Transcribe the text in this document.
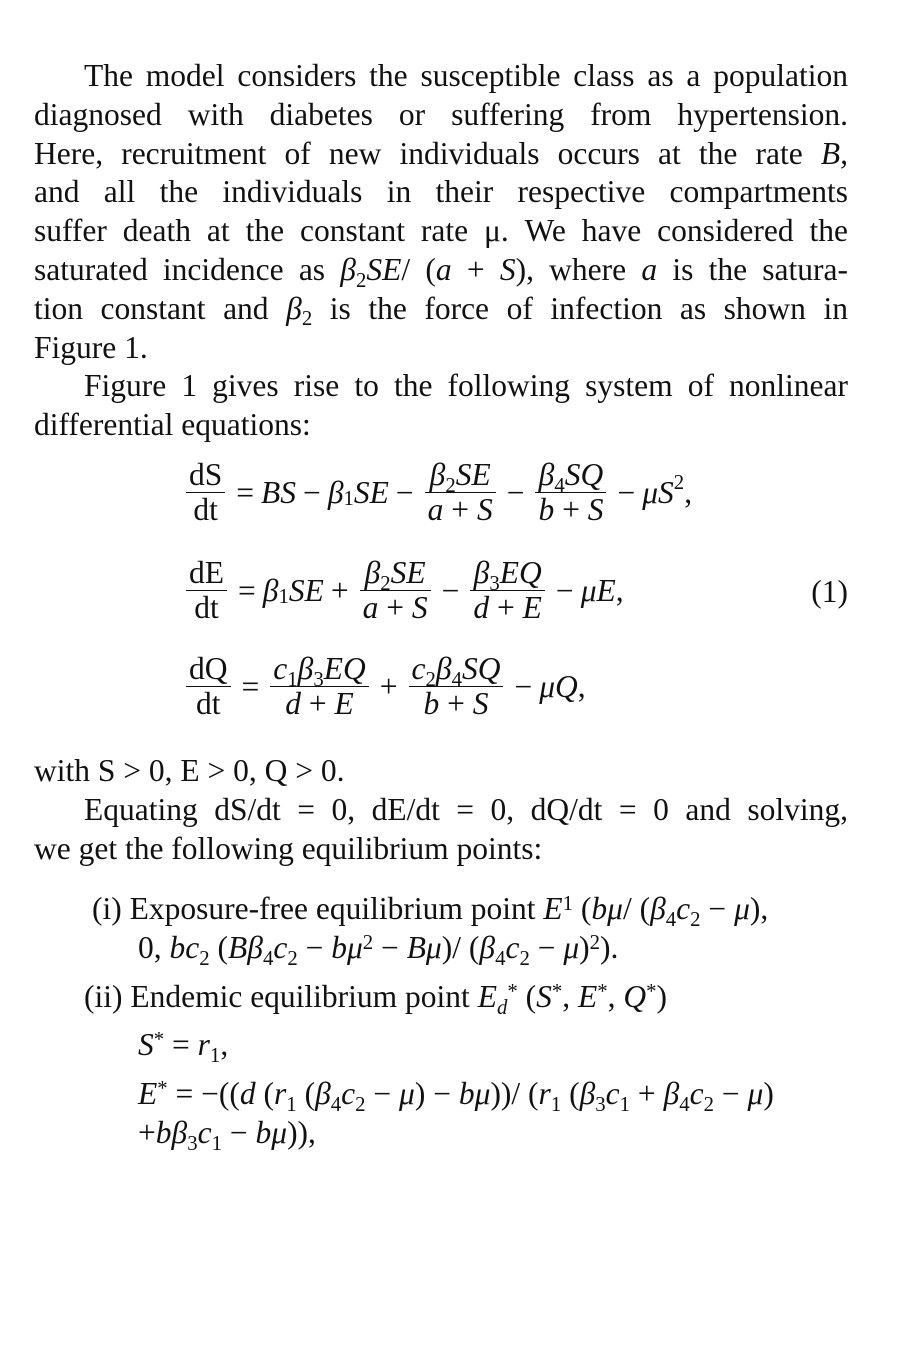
The model considers the susceptible class as a population
diagnosed with diabetes or suffering from hypertension.
Here, recruitment of new individuals occurs at the rate B,
and all the individuals in their respective compartments
suffer death at the constant rate μ. We have considered the
saturated incidence as $\beta_2SE/$ (a + S), where a is the satura-
tion constant and $\beta_2$ is the force of infection as shown in
Figure 1.
Figure 1 gives rise to the following system of nonlinear
differential equations:
$\frac{dS}{dt}$ = BS − $\beta_1$ SE − $\frac{\beta_2SE}{a + S} - \frac{\beta_4SQ}{b + S} - \mu S^2$ ,
$\frac{dE}{dt} = \beta_1$ SE + $\frac{\beta_2SE}{a + S} - \frac{\beta_3EQ}{d + E} - \mu E$ ,	(1)
$\frac{dQ}{dt} = \frac{c_1\beta_3EQ}{d + E} + \frac{c_2\beta_4SQ}{b + S} - \mu Q$ ,
with S > 0, E > 0, Q > 0.
Equating dS/dt = 0, dE/dt = 0, dQ/dt = 0 and solving,
we get the following equilibrium points:
(i) Exposure-free equilibrium point $E^1$ (bμ/ $(\beta_4c_2 - \mu)$,
0, $bc_2$ $(B\beta_4c_2 - b\mu^2 - B\mu)/$ $(\beta_4c_2 - \mu)^2$).
(ii) Endemic equilibrium point $E_d^*$ (S*, E*, Q*)
$S^* = r_1$,
E* = −((d ($r_1$ $(\beta_4c_2 - \mu) - b\mu))/$ ($r_1$ $(\beta_3c_1 + \beta_4c_2 - \mu)$
$+b\beta_3c_1 - b\mu$)),
